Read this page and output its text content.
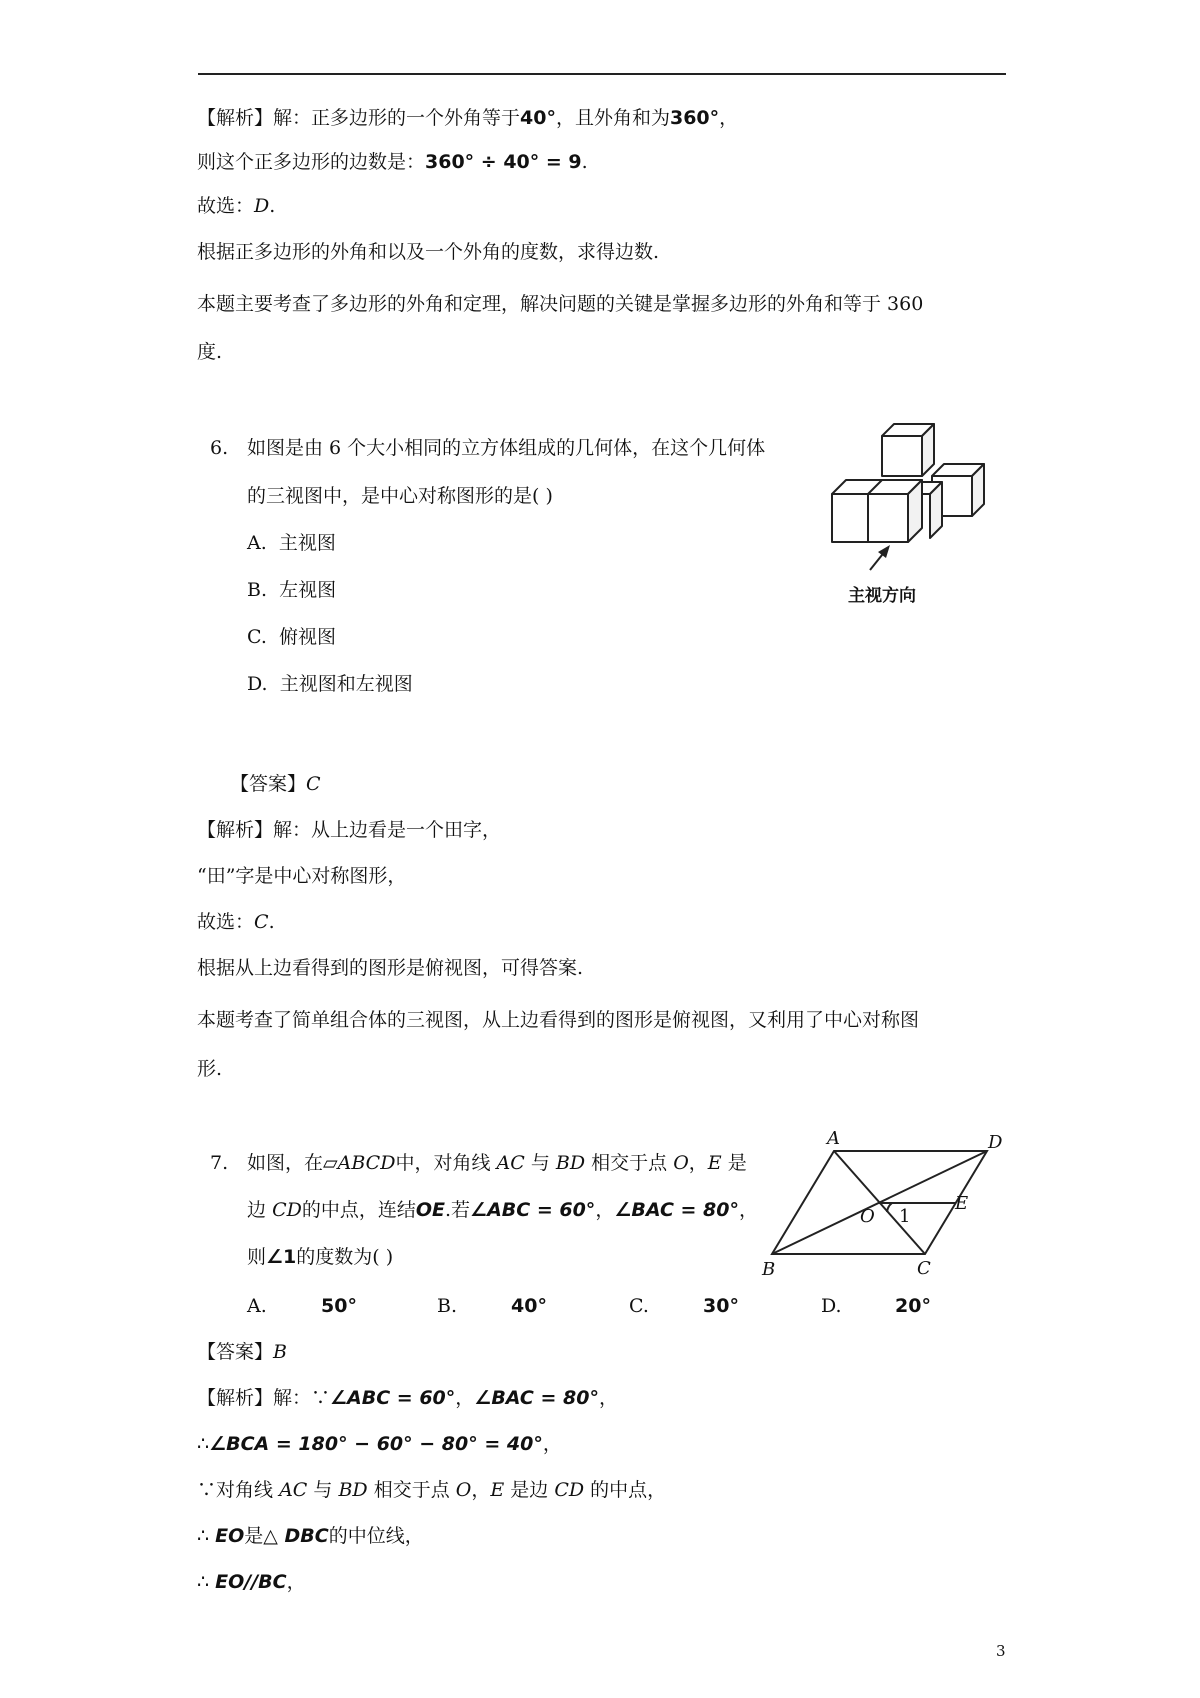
【解析】解：正多边形的一个外角等于40°，且外角和为360°，
则这个正多边形的边数是：360° ÷ 40° = 9.
故选：D.
根据正多边形的外角和以及一个外角的度数，求得边数.
本题主要考查了多边形的外角和定理，解决问题的关键是掌握多边形的外角和等于 360
度.
6. 如图是由 6 个大小相同的立方体组成的几何体，在这个几何体
的三视图中，是中心对称图形的是( )
A. 主视图
B. 左视图
C. 俯视图
D. 主视图和左视图
主视方向
【答案】C
【解析】解：从上边看是一个田字，
“田”字是中心对称图形，
故选：C.
根据从上边看得到的图形是俯视图，可得答案.
本题考查了简单组合体的三视图，从上边看得到的图形是俯视图，又利用了中心对称图
形.
7. 如图，在▱ABCD中，对角线 AC 与 BD 相交于点 O，E 是
边 CD的中点，连结OE.若∠ABC = 60°，∠BAC = 80°，
则∠1的度数为( )
A.	50°	B.	40°	C.	30°	D.	20°
A	D
B	C
O
E
1
【答案】B
【解析】解：∵∠ABC = 60°，∠BAC = 80°，
∴∠BCA = 180° − 60° − 80° = 40°，
∵对角线 AC 与 BD 相交于点 O，E 是边 CD 的中点，
∴ EO是△ DBC的中位线，
∴ EO//BC，
3
